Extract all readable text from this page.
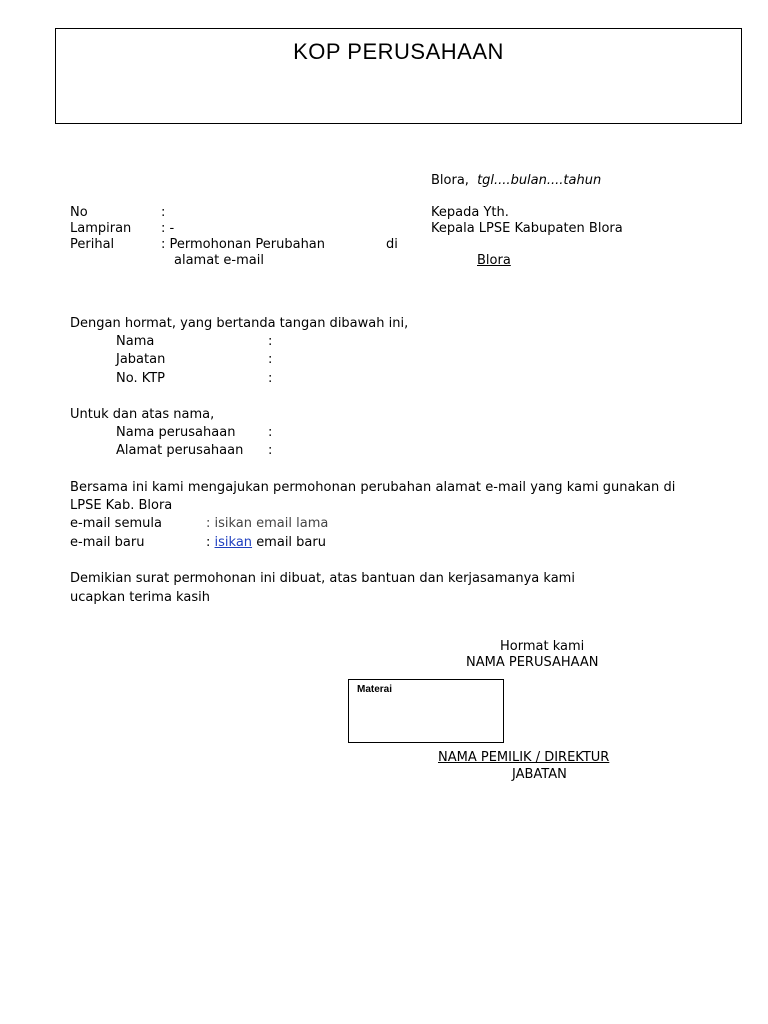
KOP PERUSAHAAN
Blora, tgl....bulan....tahun
No	:
Lampiran : -
Perihal	: Permohonan Perubahan	di
alamat e-mail
Kepada Yth.
Kepala LPSE Kabupaten Blora
Blora
Dengan hormat, yang bertanda tangan dibawah ini,
Nama	:
Jabatan	:
No. KTP	:
Untuk dan atas nama,
Nama perusahaan	:
Alamat perusahaan :
Bersama ini kami mengajukan permohonan perubahan alamat e-mail yang kami gunakan di
LPSE Kab. Blora
e-mail semula	: isikan email lama
e-mail baru	: isikan email baru
Demikian surat permohonan ini dibuat, atas bantuan dan kerjasamanya kami
ucapkan terima kasih
Hormat kami
NAMA PERUSAHAAN
Materai
NAMA PEMILIK / DIREKTUR
JABATAN
